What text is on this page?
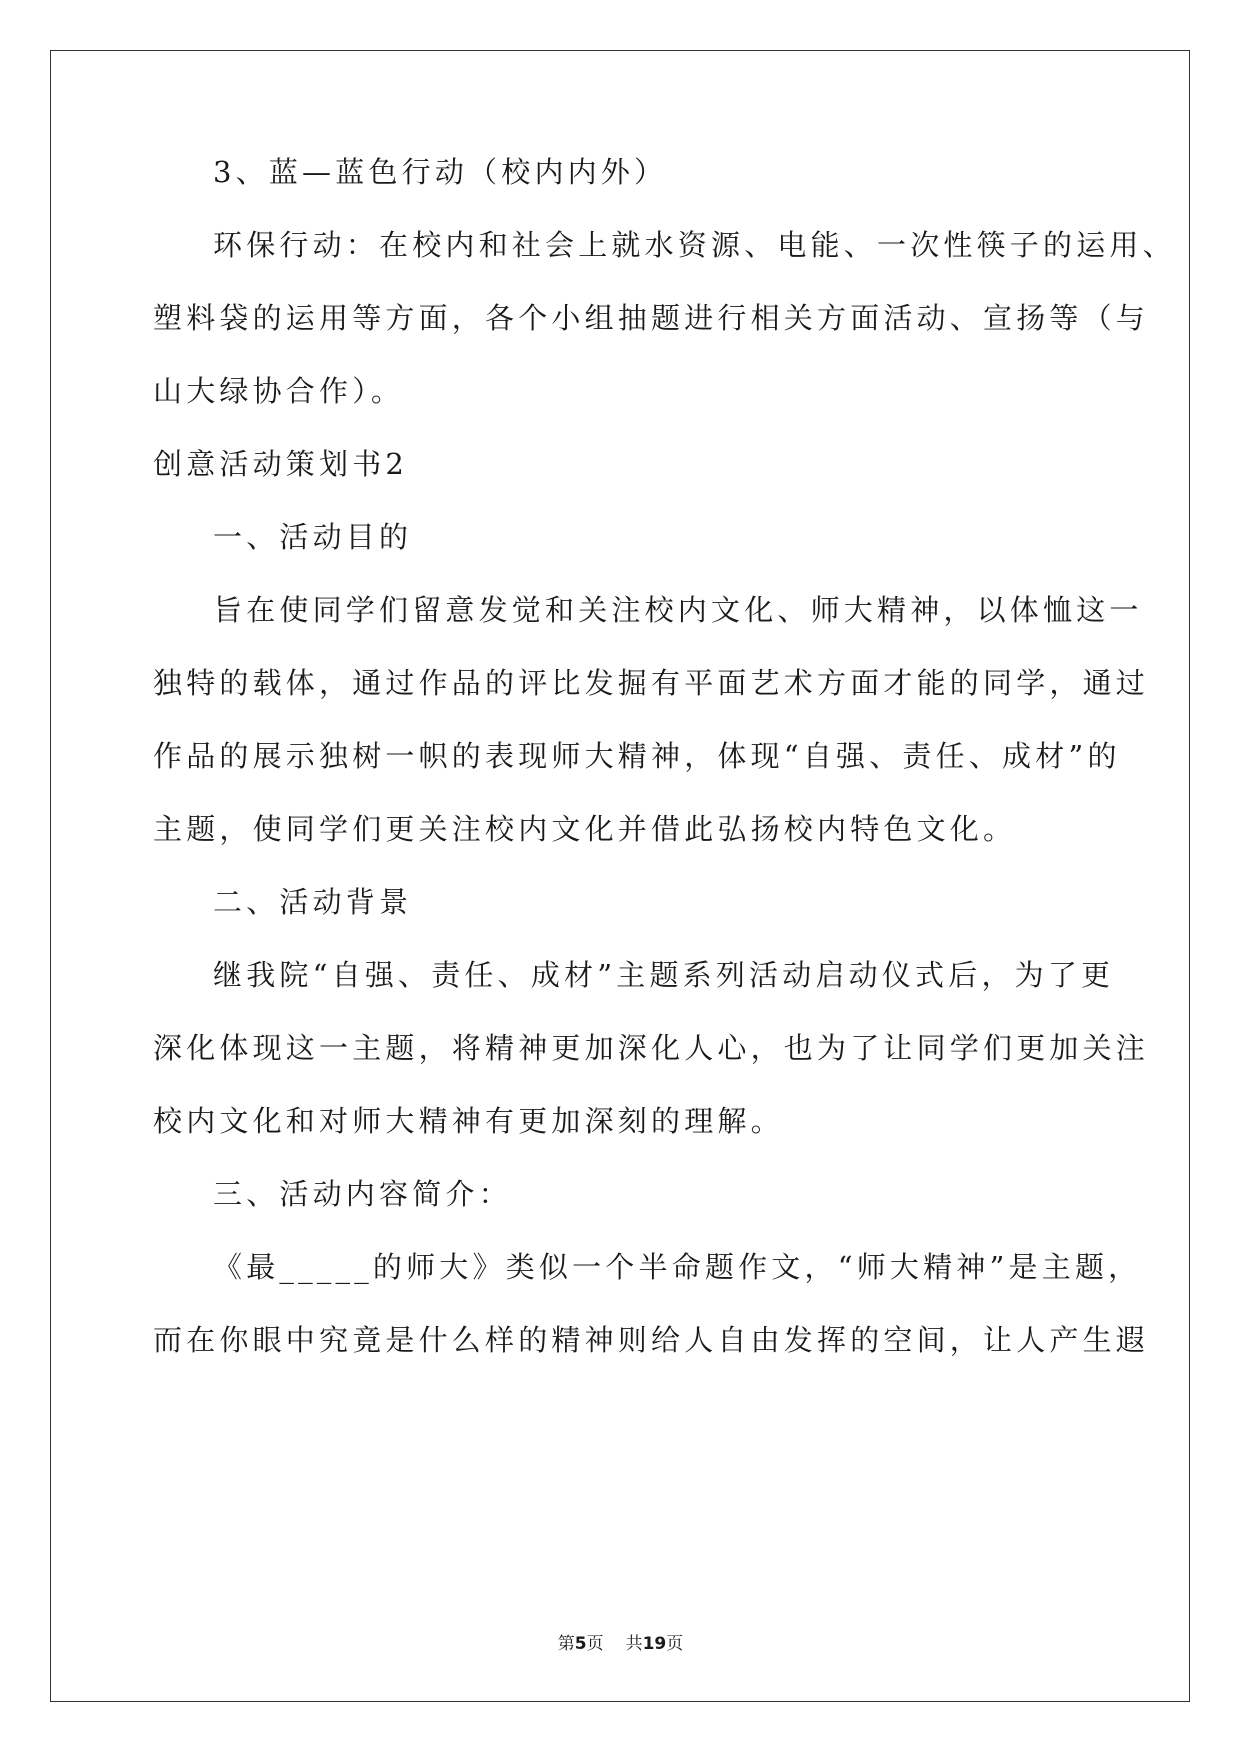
3、蓝—蓝色行动（校内内外）
环保行动：在校内和社会上就水资源、电能、一次性筷子的运用、
塑料袋的运用等方面，各个小组抽题进行相关方面活动、宣扬等（与
山大绿协合作）。
创意活动策划书2
一、活动目的
旨在使同学们留意发觉和关注校内文化、师大精神，以体恤这一
独特的载体，通过作品的评比发掘有平面艺术方面才能的同学，通过
作品的展示独树一帜的表现师大精神，体现“自强、责任、成材”的
主题，使同学们更关注校内文化并借此弘扬校内特色文化。
二、活动背景
继我院“自强、责任、成材”主题系列活动启动仪式后，为了更
深化体现这一主题，将精神更加深化人心，也为了让同学们更加关注
校内文化和对师大精神有更加深刻的理解。
三、活动内容简介：
《最_____的师大》类似一个半命题作文，“师大精神”是主题，
而在你眼中究竟是什么样的精神则给人自由发挥的空间，让人产生遐
第5页 共19页
